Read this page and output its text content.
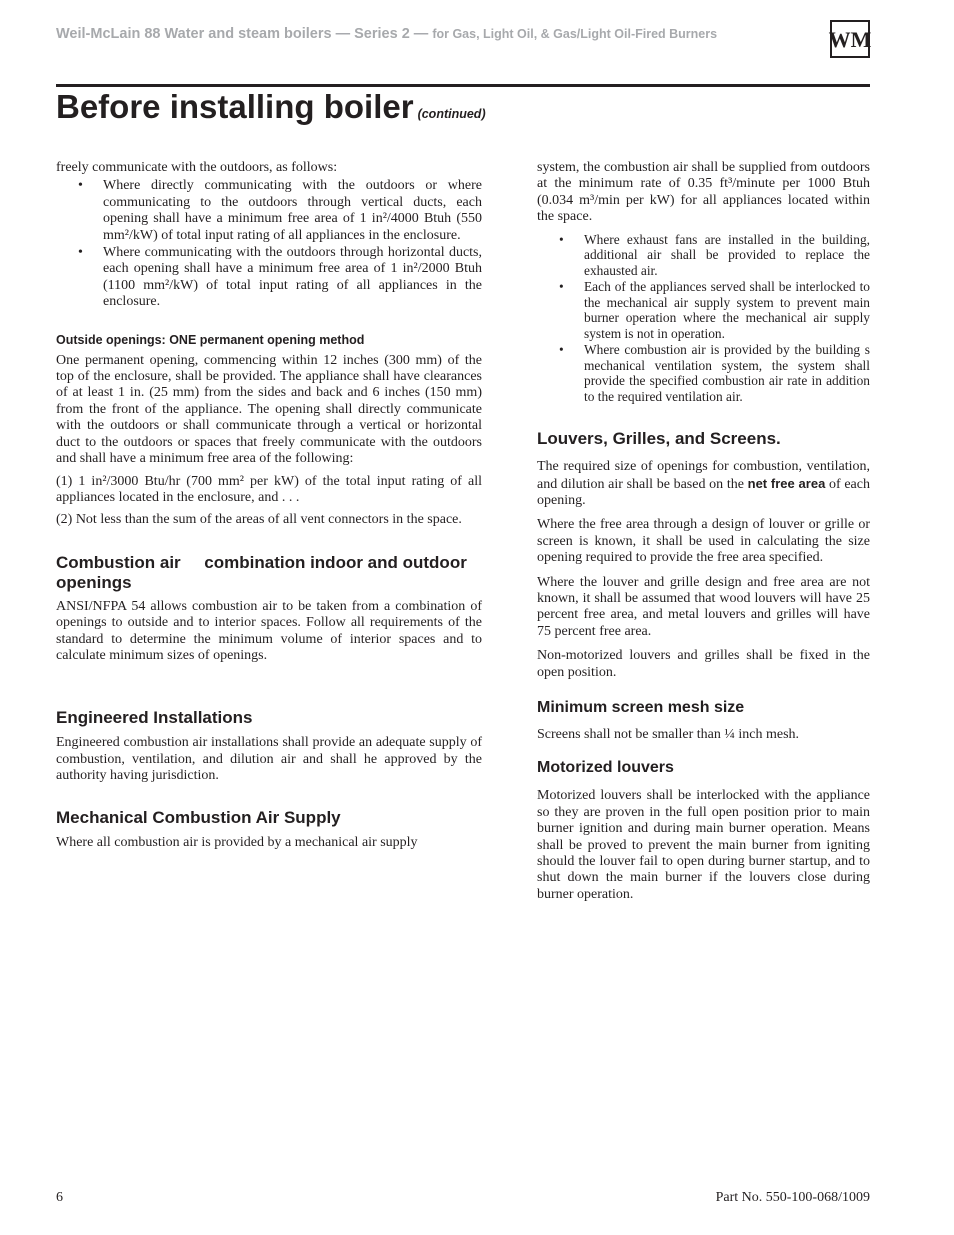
Weil-McLain 88 Water and steam boilers — Series 2 — for Gas, Light Oil, & Gas/Light Oil-Fired Burners	WM
Before installing boiler (continued)

freely communicate with the outdoors, as follows:

• Where directly communicating with the outdoors or where communicating to the outdoors through vertical ducts, each opening shall have a minimum free area of 1 in²/4000 Btuh (550 mm²/kW) of total input rating of all appliances in the enclosure.
• Where communicating with the outdoors through horizontal ducts, each opening shall have a minimum free area of 1 in²/2000 Btuh (1100 mm²/kW) of total input rating of all appliances in the enclosure.
Outside openings: ONE permanent opening method

One permanent opening, commencing within 12 inches (300 mm) of the top of the enclosure, shall be provided. The appliance shall have clearances of at least 1 in. (25 mm) from the sides and back and 6 inches (150 mm) from the front of the appliance. The opening shall directly communicate with the outdoors or shall communicate through a vertical or horizontal duct to the outdoors or spaces that freely communicate with the outdoors and shall have a minimum free area of the following:

(1) 1 in²/3000 Btu/hr (700 mm² per kW) of the total input rating of all appliances located in the enclosure, and . . .

(2) Not less than the sum of the areas of all vent connectors in the space.

Combustion air combination indoor and outdoor openings

ANSI/NFPA 54 allows combustion air to be taken from a combination of openings to outside and to interior spaces. Follow all requirements of the standard to determine the minimum volume of interior spaces and to calculate minimum sizes of openings.

Engineered Installations

Engineered combustion air installations shall provide an adequate supply of combustion, ventilation, and dilution air and shall he approved by the authority having jurisdiction.

Mechanical Combustion Air Supply

Where all combustion air is provided by a mechanical air supply

system, the combustion air shall be supplied from outdoors at the minimum rate of 0.35 ft³/minute per 1000 Btuh (0.034 m³/min per kW) for all appliances located within the space.

• Where exhaust fans are installed in the building, additional air shall be provided to replace the exhausted air.
• Each of the appliances served shall be interlocked to the mechanical air supply system to prevent main burner operation where the mechanical air supply system is not in operation.
• Where combustion air is provided by the building s mechanical ventilation system, the system shall provide the specified combustion air rate in addition to the required ventilation air.
Louvers, Grilles, and Screens.

The required size of openings for combustion, ventilation, and dilution air shall be based on the net free area of each opening.

Where the free area through a design of louver or grille or screen is known, it shall be used in calculating the size opening required to provide the free area specified.

Where the louver and grille design and free area are not known, it shall be assumed that wood louvers will have 25 percent free area, and metal louvers and grilles will have 75 percent free area.

Non-motorized louvers and grilles shall be fixed in the open position.

Minimum screen mesh size

Screens shall not be smaller than ¼ inch mesh.

Motorized louvers

Motorized louvers shall be interlocked with the appliance so they are proven in the full open position prior to main burner ignition and during main burner operation. Means shall be proved to prevent the main burner from igniting should the louver fail to open during burner startup, and to shut down the main burner if the louvers close during burner operation.

6	Part No. 550-100-068/1009
